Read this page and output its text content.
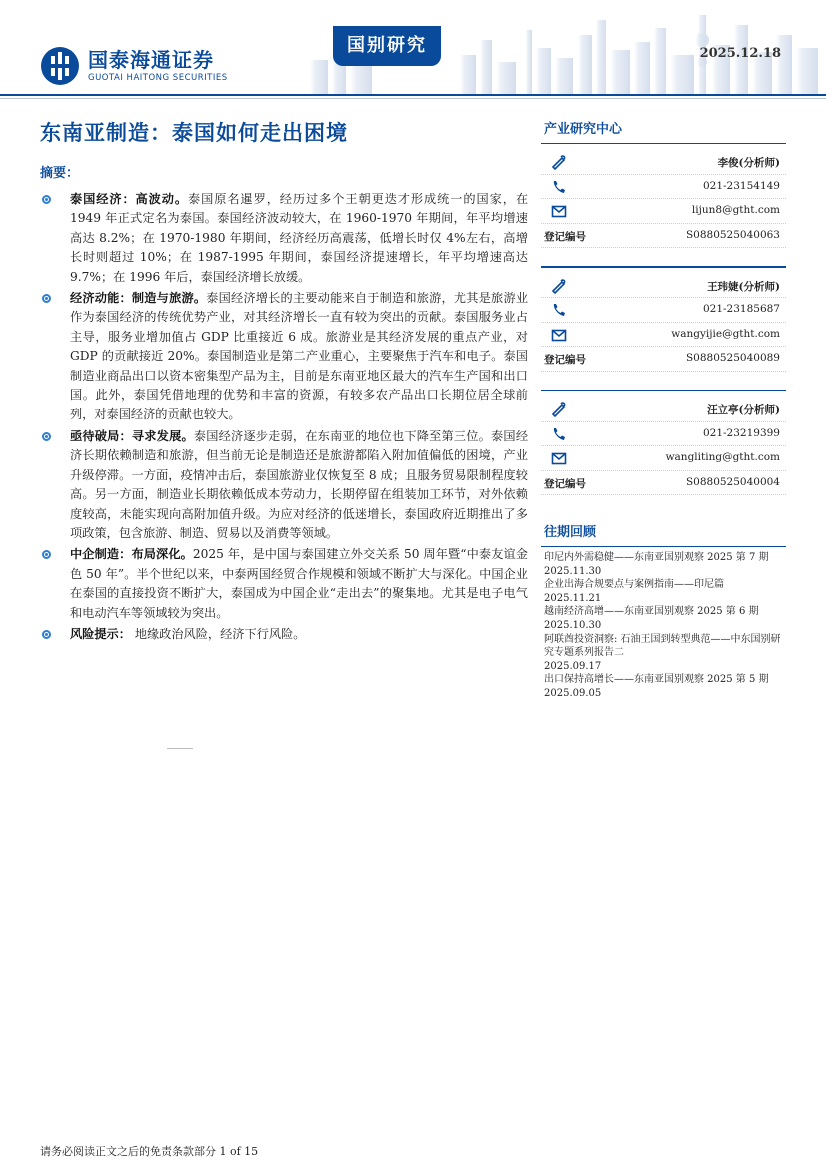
国泰海通证券
GUOTAI HAITONG SECURITIES
国别研究	2025.12.18
东南亚制造：泰国如何走出困境
摘要：
泰国经济：高波动。泰国原名暹罗，经历过多个王朝更迭才形成统一的国家，在 1949 年正式定名为泰国。泰国经济波动较大，在 1960-1970 年期间，年平均增速高达 8.2%；在 1970-1980 年期间，经济经历高震荡，低增长时仅 4%左右，高增长时则超过 10%；在 1987-1995 年期间，泰国经济提速增长，年平均增速高达 9.7%；在 1996 年后，泰国经济增长放缓。
经济动能：制造与旅游。泰国经济增长的主要动能来自于制造和旅游，尤其是旅游业作为泰国经济的传统优势产业，对其经济增长一直有较为突出的贡献。泰国服务业占主导，服务业增加值占 GDP 比重接近 6 成。旅游业是其经济发展的重点产业，对 GDP 的贡献接近 20%。泰国制造业是第二产业重心，主要聚焦于汽车和电子。泰国制造业商品出口以资本密集型产品为主，目前是东南亚地区最大的汽车生产国和出口国。此外，泰国凭借地理的优势和丰富的资源，有较多农产品出口长期位居全球前列，对泰国经济的贡献也较大。
亟待破局：寻求发展。泰国经济逐步走弱，在东南亚的地位也下降至第三位。泰国经济长期依赖制造和旅游，但当前无论是制造还是旅游都陷入附加值偏低的困境，产业升级停滞。一方面，疫情冲击后，泰国旅游业仅恢复至 8 成；且服务贸易限制程度较高。另一方面，制造业长期依赖低成本劳动力，长期停留在组装加工环节，对外依赖度较高，未能实现向高附加值升级。为应对经济的低迷增长，泰国政府近期推出了多项政策，包含旅游、制造、贸易以及消费等领域。
中企制造：布局深化。2025 年，是中国与泰国建立外交关系 50 周年暨“中泰友谊金色 50 年”。半个世纪以来，中泰两国经贸合作规模和领域不断扩大与深化。中国企业在泰国的直接投资不断扩大，泰国成为中国企业“走出去”的聚集地。尤其是电子电气和电动汽车等领域较为突出。
风险提示： 地缘政治风险，经济下行风险。
产业研究中心
李俊(分析师)
021-23154149
lijun8@gtht.com
登记编号	S0880525040063
王玮婕(分析师)
021-23185687
wangyijie@gtht.com
登记编号	S0880525040089
汪立亭(分析师)
021-23219399
wangliting@gtht.com
登记编号	S0880525040004
往期回顾
印尼内外需稳健——东南亚国别观察 2025 第 7 期
2025.11.30
企业出海合规要点与案例指南——印尼篇
2025.11.21
越南经济高增——东南亚国别观察 2025 第 6 期
2025.10.30
阿联酋投资洞察: 石油王国到转型典范——中东国别研究专题系列报告二
2025.09.17
出口保持高增长——东南亚国别观察 2025 第 5 期
2025.09.05
请务必阅读正文之后的免责条款部分 1 of 15
